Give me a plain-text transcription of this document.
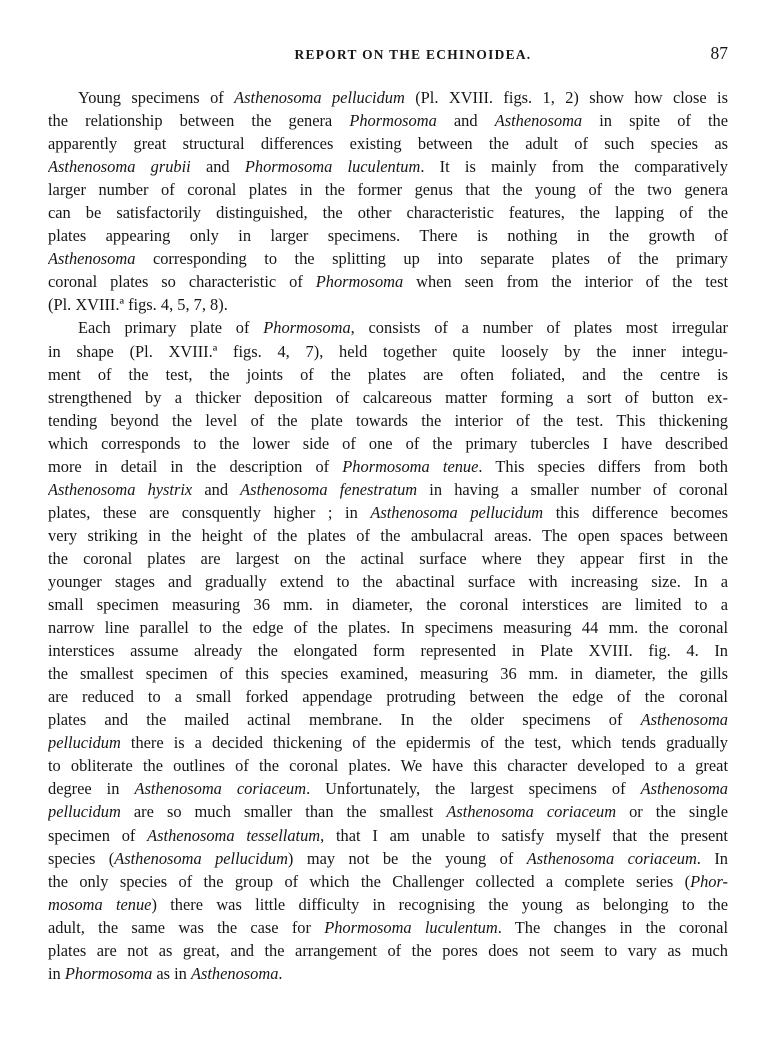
REPORT ON THE ECHINOIDEA.	87
Young specimens of Asthenosoma pellucidum (Pl. XVIII. figs. 1, 2) show how close is
the relationship between the genera Phormosoma and Asthenosoma in spite of the
apparently great structural differences existing between the adult of such species as
Asthenosoma grubii and Phormosoma luculentum. It is mainly from the comparatively
larger number of coronal plates in the former genus that the young of the two genera
can be satisfactorily distinguished, the other characteristic features, the lapping of the
plates appearing only in larger specimens. There is nothing in the growth of
Asthenosoma corresponding to the splitting up into separate plates of the primary
coronal plates so characteristic of Phormosoma when seen from the interior of the test
(Pl. XVIII.ª figs. 4, 5, 7, 8).
Each primary plate of Phormosoma, consists of a number of plates most irregular
in shape (Pl. XVIII.ª figs. 4, 7), held together quite loosely by the inner integu-
ment of the test, the joints of the plates are often foliated, and the centre is
strengthened by a thicker deposition of calcareous matter forming a sort of button ex-
tending beyond the level of the plate towards the interior of the test. This thickening
which corresponds to the lower side of one of the primary tubercles I have described
more in detail in the description of Phormosoma tenue. This species differs from both
Asthenosoma hystrix and Asthenosoma fenestratum in having a smaller number of coronal
plates, these are consquently higher ; in Asthenosoma pellucidum this difference becomes
very striking in the height of the plates of the ambulacral areas. The open spaces between
the coronal plates are largest on the actinal surface where they appear first in the
younger stages and gradually extend to the abactinal surface with increasing size. In a
small specimen measuring 36 mm. in diameter, the coronal interstices are limited to a
narrow line parallel to the edge of the plates. In specimens measuring 44 mm. the coronal
interstices assume already the elongated form represented in Plate XVIII. fig. 4. In
the smallest specimen of this species examined, measuring 36 mm. in diameter, the gills
are reduced to a small forked appendage protruding between the edge of the coronal
plates and the mailed actinal membrane. In the older specimens of Asthenosoma
pellucidum there is a decided thickening of the epidermis of the test, which tends gradually
to obliterate the outlines of the coronal plates. We have this character developed to a great
degree in Asthenosoma coriaceum. Unfortunately, the largest specimens of Asthenosoma
pellucidum are so much smaller than the smallest Asthenosoma coriaceum or the single
specimen of Asthenosoma tessellatum, that I am unable to satisfy myself that the present
species (Asthenosoma pellucidum) may not be the young of Asthenosoma coriaceum. In
the only species of the group of which the Challenger collected a complete series (Phor-
mosoma tenue) there was little difficulty in recognising the young as belonging to the
adult, the same was the case for Phormosoma luculentum. The changes in the coronal
plates are not as great, and the arrangement of the pores does not seem to vary as much
in Phormosoma as in Asthenosoma.
